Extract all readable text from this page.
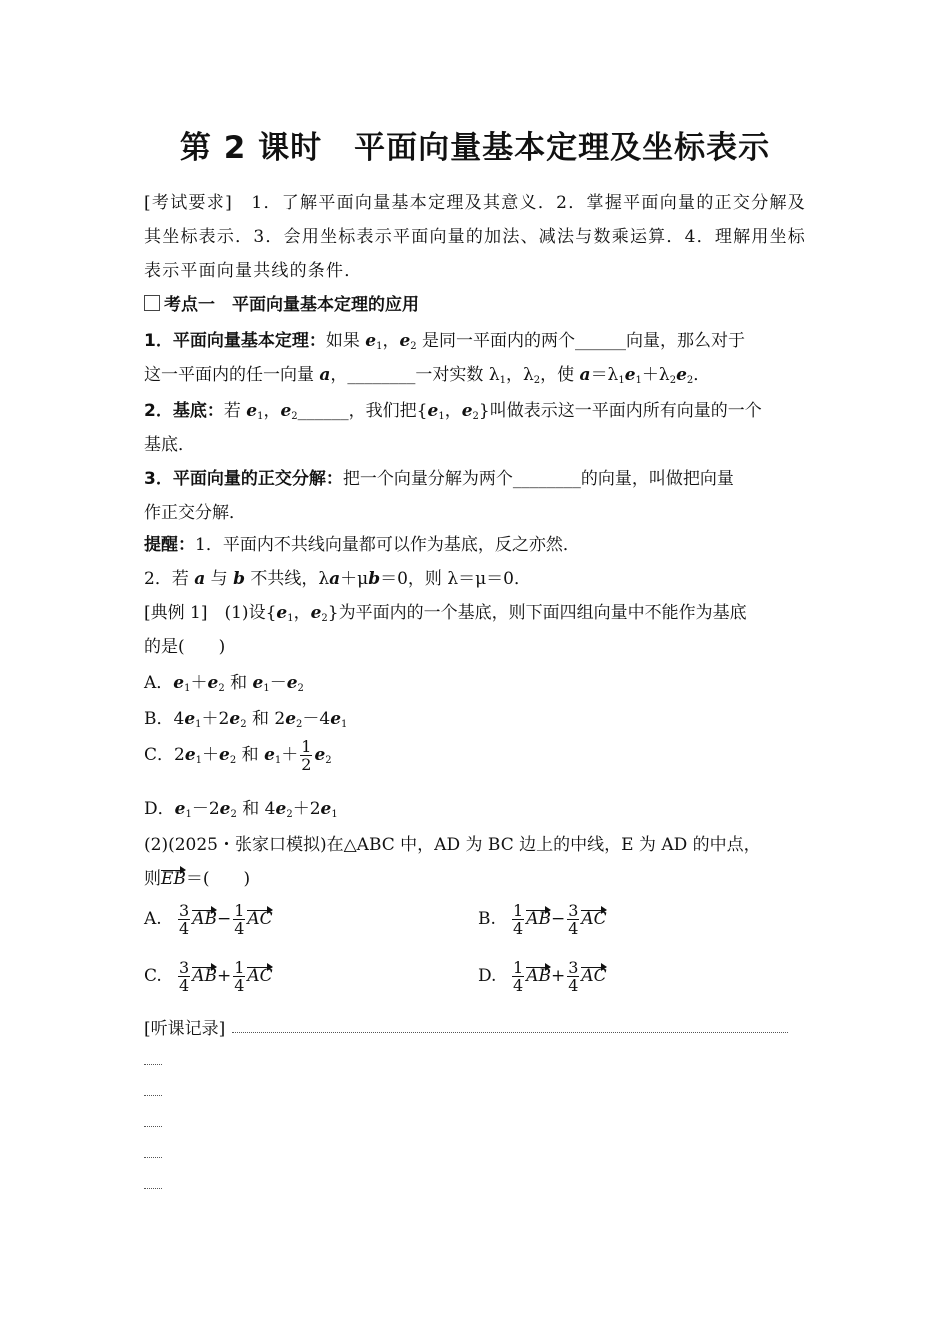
第 2 课时　平面向量基本定理及坐标表示
[考试要求]　 1．了解平面向量基本定理及其意义．2．掌握平面向量的正交分解及其坐标表示．3．会用坐标表示平面向量的加法、减法与数乘运算．4．理解用坐标表示平面向量共线的条件．
考点一　平面向量基本定理的应用
1．平面向量基本定理：如果 $e_1$，$e_2$ 是同一平面内的两个______向量，那么对于
这一平面内的任一向量 a，________一对实数 $\lambda_1$，$\lambda_2$，使 $a=\lambda_1e_1+\lambda_2e_2$．
2．基底：若 $e_1$，$e_2\_\_\_\_\_\_$，我们把{$e_1$，$e_2$}叫做表示这一平面内所有向量的一个
基底．
3．平面向量的正交分解：把一个向量分解为两个________的向量，叫做把向量
作正交分解．
提醒：1．平面内不共线向量都可以作为基底，反之亦然．
2．若 a 与 b 不共线，λa＋μb＝0，则 λ＝μ＝0．
[典例 1]　(1)设{$e_1$，$e_2$}为平面内的一个基底，则下面四组向量中不能作为基底
的是(　　)
A．$e_1+e_2$ 和 $e_1-e_2$
B．$4e_1+2e_2$ 和 $2e_2-4e_1$
C．$2e_1+e_2$ 和 $e_1+ \frac{1}{2} e_2$
D．$e_1-2e_2$ 和 $4e_2+2e_1$
(2)(2025・张家口模拟)在△ABC 中，AD 为 BC 边上的中线，E 为 AD 的中点，
则EB＝(　　)
A. $\frac{3}{4} AB- \frac{1}{4}$ AC	B. $\frac{1}{4} AB- \frac{3}{4}$ AC
C. $\frac{3}{4} AB+ \frac{1}{4}$ AC	D. $\frac{1}{4} AB+ \frac{3}{4}$ AC
[听课记录]
